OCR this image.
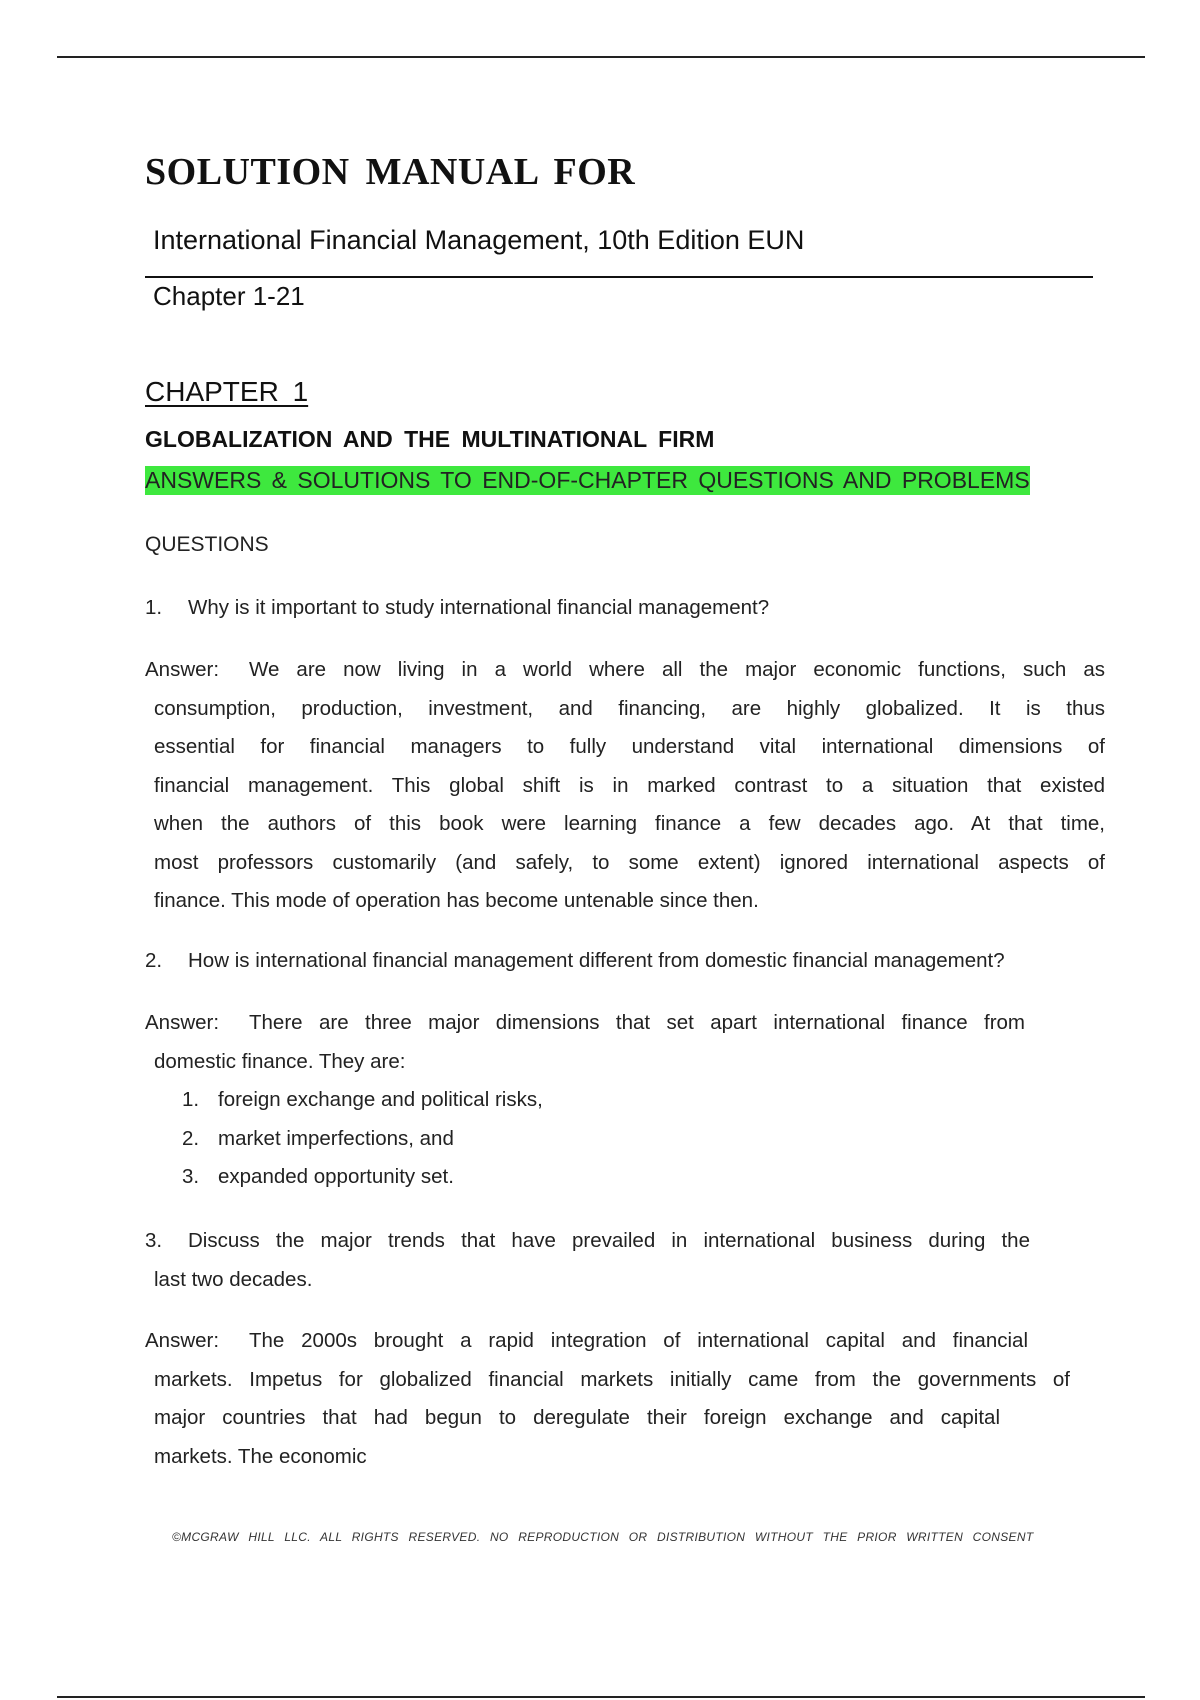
SOLUTION MANUAL FOR
International Financial Management, 10th Edition EUN
Chapter 1-21
CHAPTER 1
GLOBALIZATION AND THE MULTINATIONAL FIRM
ANSWERS & SOLUTIONS TO END-OF-CHAPTER QUESTIONS AND PROBLEMS
QUESTIONS
1. Why is it important to study international financial management?
Answer: We are now living in a world where all the major economic functions, such as
consumption, production, investment, and financing, are highly globalized. It is thus
essential for financial managers to fully understand vital international dimensions of
financial management. This global shift is in marked contrast to a situation that existed
when the authors of this book were learning finance a few decades ago. At that time,
most professors customarily (and safely, to some extent) ignored international aspects of
finance. This mode of operation has become untenable since then.
2. How is international financial management different from domestic financial management?
Answer: There are three major dimensions that set apart international finance from
domestic finance. They are:
1. foreign exchange and political risks,
2. market imperfections, and
3. expanded opportunity set.
3. Discuss the major trends that have prevailed in international business during the
last two decades.
Answer: The 2000s brought a rapid integration of international capital and financial
markets. Impetus for globalized financial markets initially came from the governments of
major countries that had begun to deregulate their foreign exchange and capital
markets. The economic
©MCGRAW HILL LLC. ALL RIGHTS RESERVED. NO REPRODUCTION OR DISTRIBUTION WITHOUT THE PRIOR WRITTEN CONSENT
